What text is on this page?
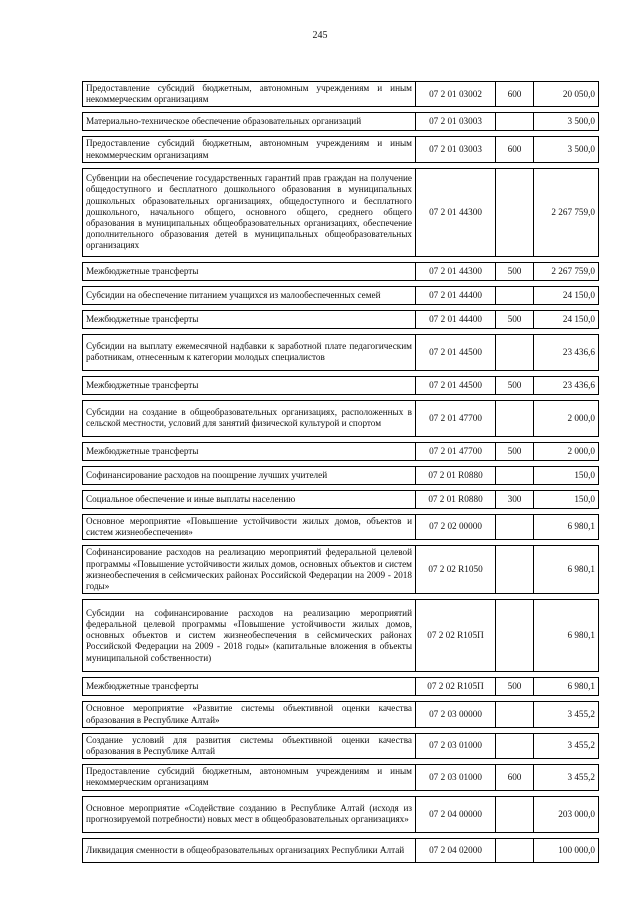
245
Предоставление субсидий бюджетным, автономным учреждениям и иным некоммерческим организациям	07 2 01 03002	600	20 050,0

Материально-техническое обеспечение образовательных организаций	07 2 01 03003		3 500,0

Предоставление субсидий бюджетным, автономным учреждениям и иным некоммерческим организациям	07 2 01 03003	600	3 500,0

Субвенции на обеспечение государственных гарантий прав граждан на получение общедоступного и бесплатного дошкольного образования в муниципальных дошкольных образовательных организациях, общедоступного и бесплатного дошкольного, начального общего, основного общего, среднего общего образования в муниципальных общеобразовательных организациях, обеспечение дополнительного образования детей в муниципальных общеобразовательных организациях	07 2 01 44300		2 267 759,0

Межбюджетные трансферты	07 2 01 44300	500	2 267 759,0

Субсидии на обеспечение питанием учащихся из малообеспеченных семей	07 2 01 44400		24 150,0

Межбюджетные трансферты	07 2 01 44400	500	24 150,0

Субсидии на выплату ежемесячной надбавки к заработной плате педагогическим работникам, отнесенным к категории молодых специалистов	07 2 01 44500		23 436,6

Межбюджетные трансферты	07 2 01 44500	500	23 436,6

Субсидии на создание в общеобразовательных организациях, расположенных в сельской местности, условий для занятий физической культурой и спортом	07 2 01 47700		2 000,0

Межбюджетные трансферты	07 2 01 47700	500	2 000,0

Софинансирование расходов на поощрение лучших учителей	07 2 01 R0880		150,0

Социальное обеспечение и иные выплаты населению	07 2 01 R0880	300	150,0

Основное мероприятие «Повышение устойчивости жилых домов, объектов и систем жизнеобеспечения»	07 2 02 00000		6 980,1

Софинансирование расходов на реализацию мероприятий федеральной целевой программы «Повышение устойчивости жилых домов, основных объектов и систем жизнеобеспечения в сейсмических районах Российской Федерации на 2009 - 2018 годы»	07 2 02 R1050		6 980,1

Субсидии на софинансирование расходов на реализацию мероприятий федеральной целевой программы «Повышение устойчивости жилых домов, основных объектов и систем жизнеобеспечения в сейсмических районах Российской Федерации на 2009 - 2018 годы» (капитальные вложения в объекты муниципальной собственности)	07 2 02 R105П		6 980,1

Межбюджетные трансферты	07 2 02 R105П	500	6 980,1

Основное мероприятие «Развитие системы объективной оценки качества образования в Республике Алтай»	07 2 03 00000		3 455,2

Создание условий для развития системы объективной оценки качества образования в Республике Алтай	07 2 03 01000		3 455,2

Предоставление субсидий бюджетным, автономным учреждениям и иным некоммерческим организациям	07 2 03 01000	600	3 455,2

Основное мероприятие «Содействие созданию в Республике Алтай (исходя из прогнозируемой потребности) новых мест в общеобразовательных организациях»	07 2 04 00000		203 000,0

Ликвидация сменности в общеобразовательных организациях Республики Алтай	07 2 04 02000		100 000,0
